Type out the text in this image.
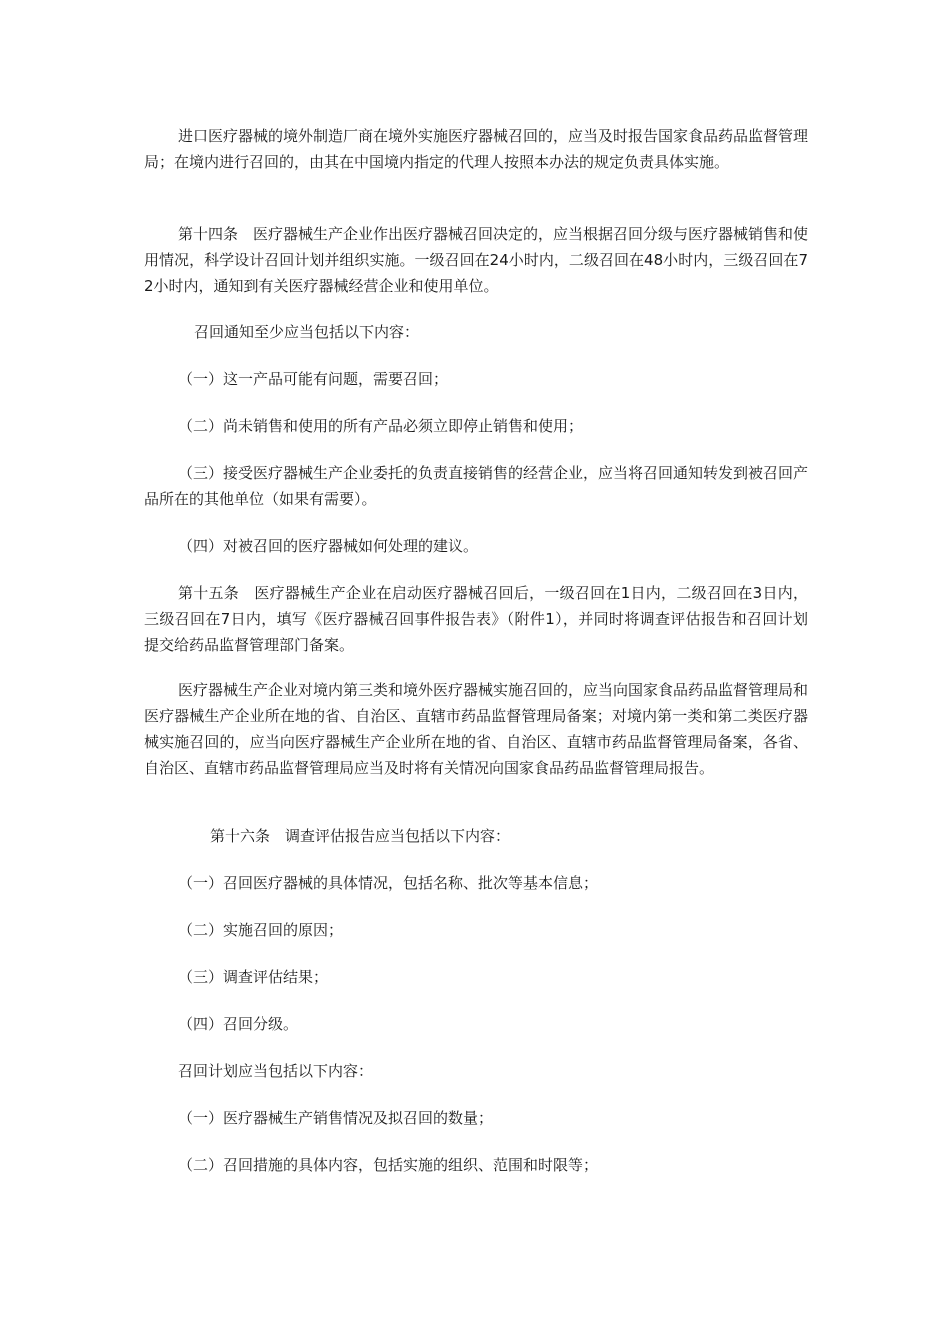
进口医疗器械的境外制造厂商在境外实施医疗器械召回的，应当及时报告国家食品药品监督管理局；在境内进行召回的，由其在中国境内指定的代理人按照本办法的规定负责具体实施。

第十四条　医疗器械生产企业作出医疗器械召回决定的，应当根据召回分级与医疗器械销售和使用情况，科学设计召回计划并组织实施。一级召回在24小时内，二级召回在48小时内，三级召回在72小时内，通知到有关医疗器械经营企业和使用单位。

召回通知至少应当包括以下内容：

（一）这一产品可能有问题，需要召回；

（二）尚未销售和使用的所有产品必须立即停止销售和使用；

（三）接受医疗器械生产企业委托的负责直接销售的经营企业，应当将召回通知转发到被召回产品所在的其他单位（如果有需要）。

（四）对被召回的医疗器械如何处理的建议。

第十五条　医疗器械生产企业在启动医疗器械召回后，一级召回在1日内，二级召回在3日内，三级召回在7日内，填写《医疗器械召回事件报告表》（附件1），并同时将调查评估报告和召回计划提交给药品监督管理部门备案。

医疗器械生产企业对境内第三类和境外医疗器械实施召回的，应当向国家食品药品监督管理局和医疗器械生产企业所在地的省、自治区、直辖市药品监督管理局备案；对境内第一类和第二类医疗器械实施召回的，应当向医疗器械生产企业所在地的省、自治区、直辖市药品监督管理局备案，各省、自治区、直辖市药品监督管理局应当及时将有关情况向国家食品药品监督管理局报告。

第十六条　调查评估报告应当包括以下内容：

（一）召回医疗器械的具体情况，包括名称、批次等基本信息；

（二）实施召回的原因；

（三）调查评估结果；

（四）召回分级。

召回计划应当包括以下内容：

（一）医疗器械生产销售情况及拟召回的数量；

（二）召回措施的具体内容，包括实施的组织、范围和时限等；
